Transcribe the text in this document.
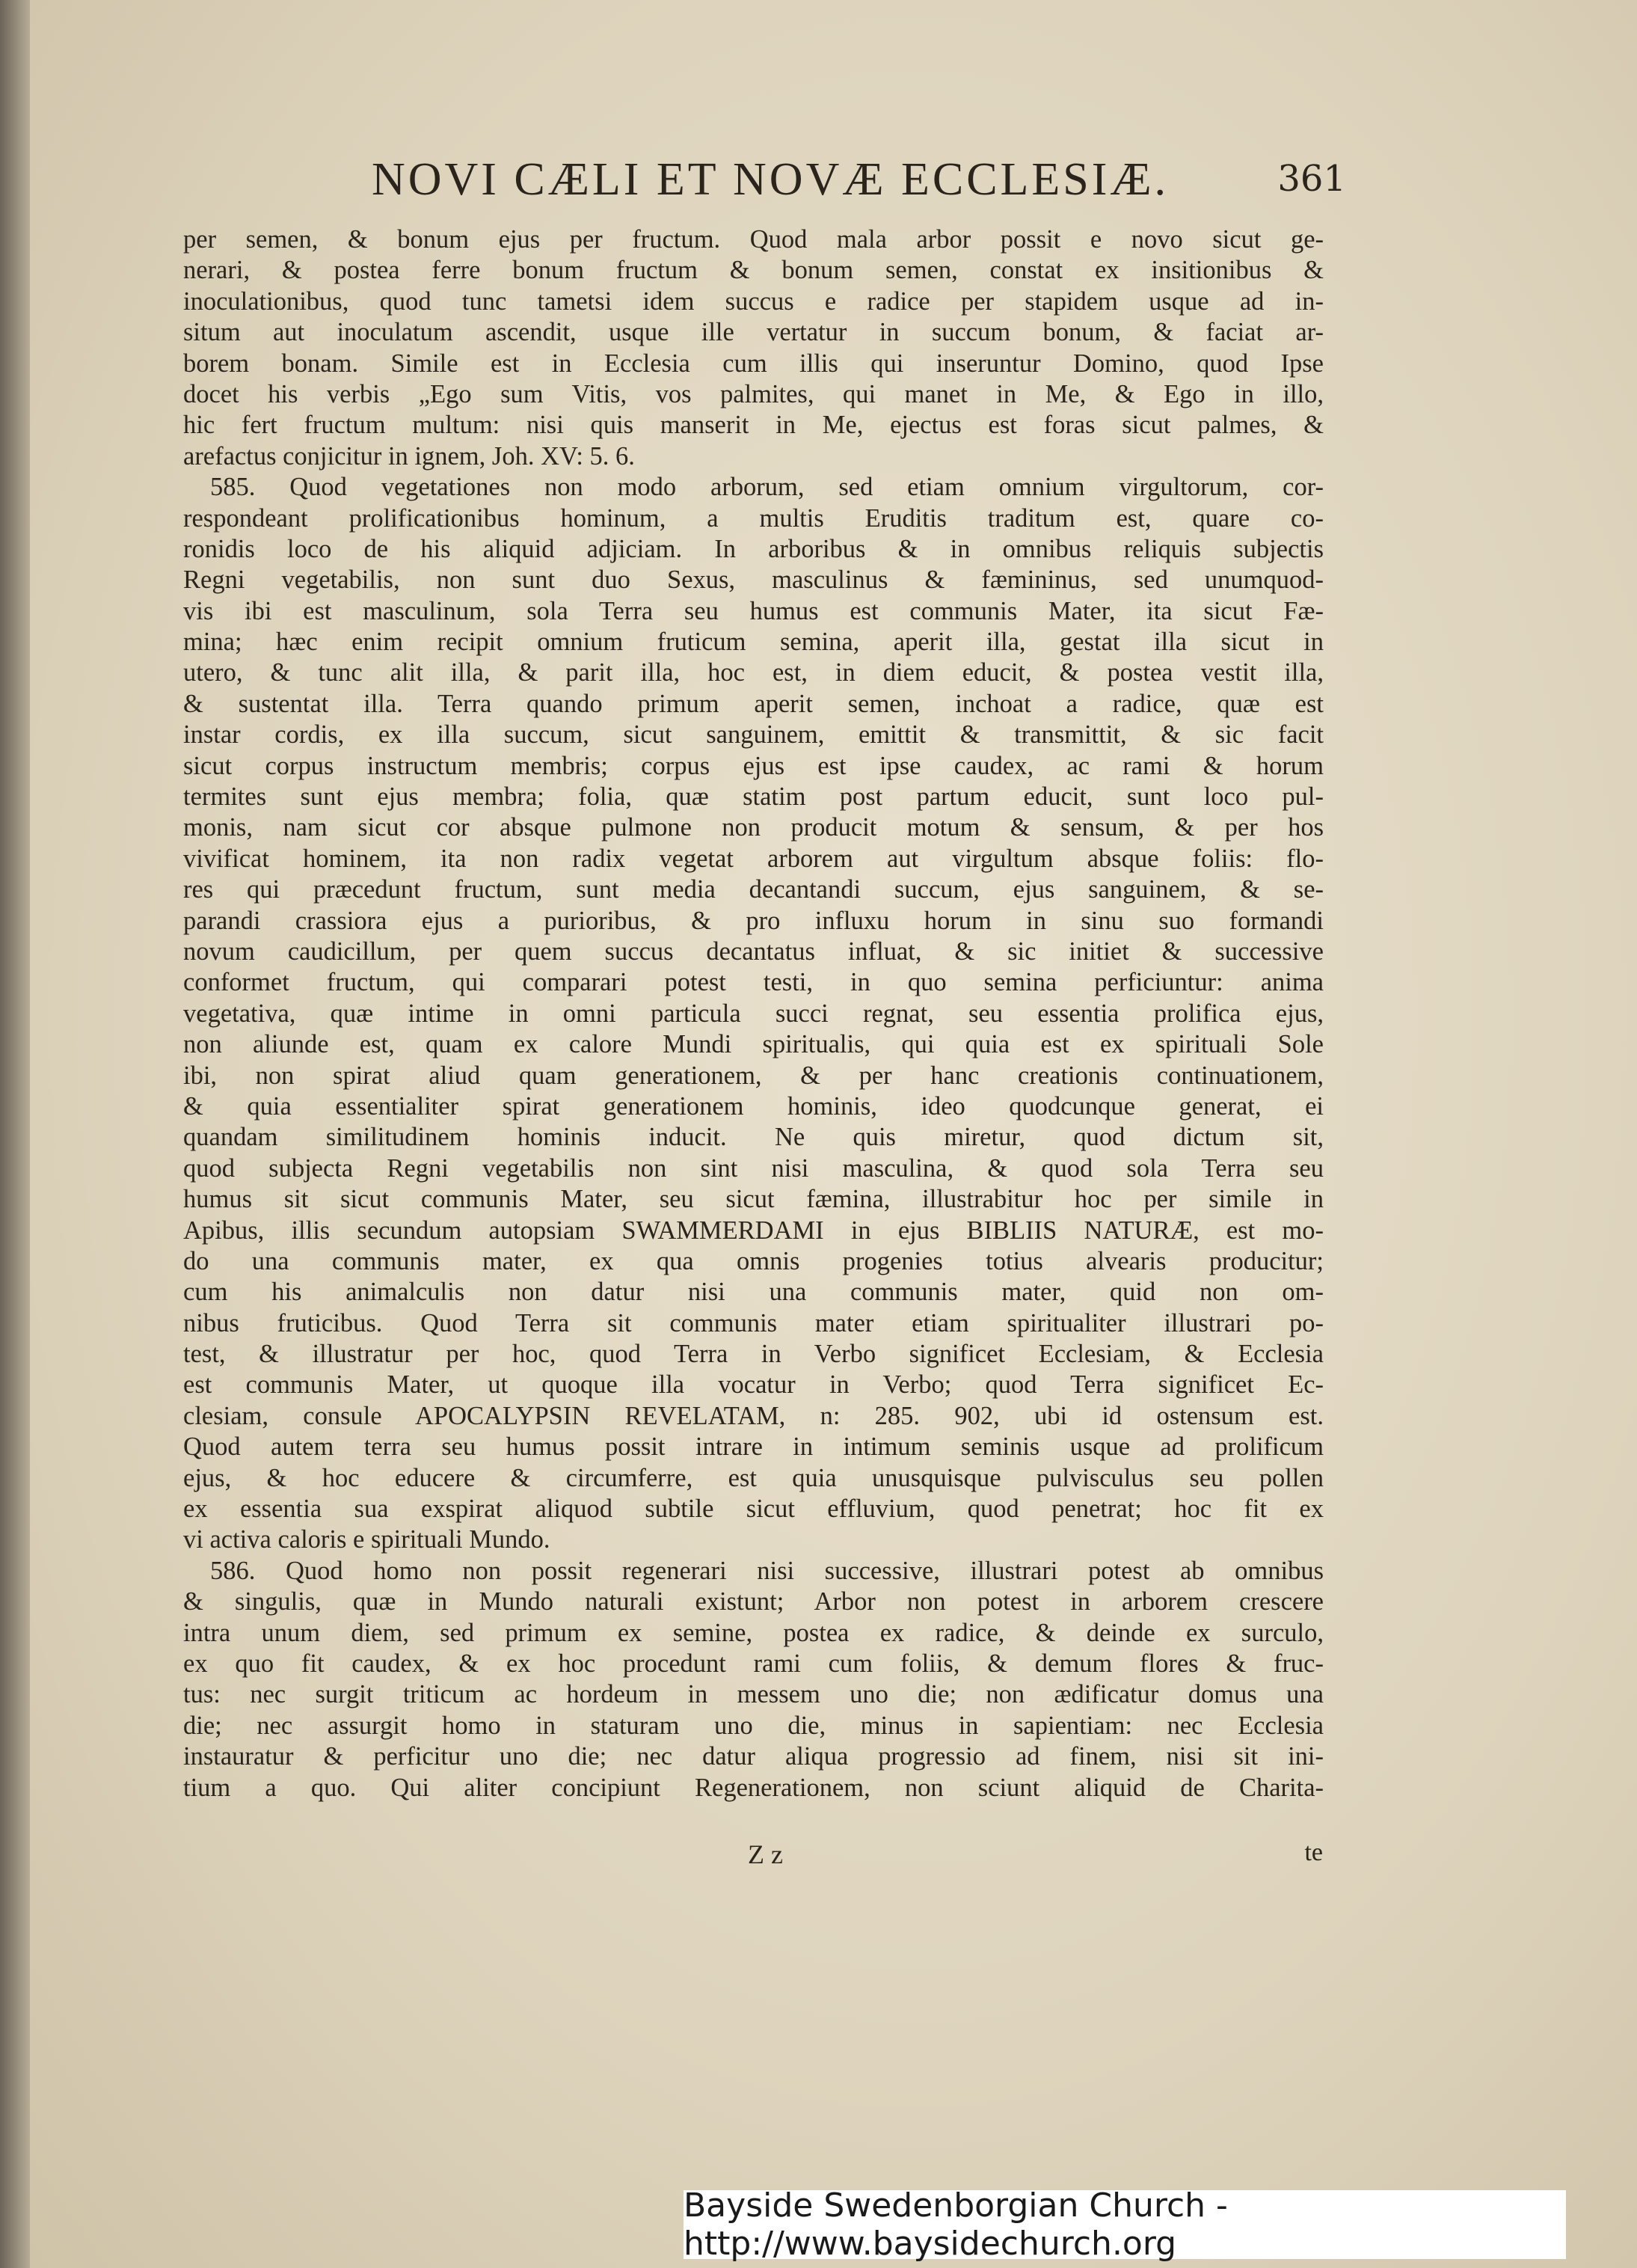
NOVI CÆLI ET NOVÆ ECCLESIÆ.	361
per semen, & bonum ejus per fructum. Quod mala arbor possit e novo sicut ge-
nerari, & postea ferre bonum fructum & bonum semen, constat ex insitionibus &
inoculationibus, quod tunc tametsi idem succus e radice per stapidem usque ad in-
situm aut inoculatum ascendit, usque ille vertatur in succum bonum, & faciat ar-
borem bonam. Simile est in Ecclesia cum illis qui inseruntur Domino, quod Ipse
docet his verbis „Ego sum Vitis, vos palmites, qui manet in Me, & Ego in illo,
hic fert fructum multum: nisi quis manserit in Me, ejectus est foras sicut palmes, &
arefactus conjicitur in ignem, Joh. XV: 5. 6.
585. Quod vegetationes non modo arborum, sed etiam omnium virgultorum, cor-
respondeant prolificationibus hominum, a multis Eruditis traditum est, quare co-
ronidis loco de his aliquid adjiciam. In arboribus & in omnibus reliquis subjectis
Regni vegetabilis, non sunt duo Sexus, masculinus & fæmininus, sed unumquod-
vis ibi est masculinum, sola Terra seu humus est communis Mater, ita sicut Fæ-
mina; hæc enim recipit omnium fruticum semina, aperit illa, gestat illa sicut in
utero, & tunc alit illa, & parit illa, hoc est, in diem educit, & postea vestit illa,
& sustentat illa. Terra quando primum aperit semen, inchoat a radice, quæ est
instar cordis, ex illa succum, sicut sanguinem, emittit & transmittit, & sic facit
sicut corpus instructum membris; corpus ejus est ipse caudex, ac rami & horum
termites sunt ejus membra; folia, quæ statim post partum educit, sunt loco pul-
monis, nam sicut cor absque pulmone non producit motum & sensum, & per hos
vivificat hominem, ita non radix vegetat arborem aut virgultum absque foliis: flo-
res qui præcedunt fructum, sunt media decantandi succum, ejus sanguinem, & se-
parandi crassiora ejus a purioribus, & pro influxu horum in sinu suo formandi
novum caudicillum, per quem succus decantatus influat, & sic initiet & successive
conformet fructum, qui comparari potest testi, in quo semina perficiuntur: anima
vegetativa, quæ intime in omni particula succi regnat, seu essentia prolifica ejus,
non aliunde est, quam ex calore Mundi spiritualis, qui quia est ex spirituali Sole
ibi, non spirat aliud quam generationem, & per hanc creationis continuationem,
& quia essentialiter spirat generationem hominis, ideo quodcunque generat, ei
quandam similitudinem hominis inducit. Ne quis miretur, quod dictum sit,
quod subjecta Regni vegetabilis non sint nisi masculina, & quod sola Terra seu
humus sit sicut communis Mater, seu sicut fæmina, illustrabitur hoc per simile in
Apibus, illis secundum autopsiam SWAMMERDAMI in ejus BIBLIIS NATURÆ, est mo-
do una communis mater, ex qua omnis progenies totius alvearis producitur;
cum his animalculis non datur nisi una communis mater, quid non om-
nibus fruticibus. Quod Terra sit communis mater etiam spiritualiter illustrari po-
test, & illustratur per hoc, quod Terra in Verbo significet Ecclesiam, & Ecclesia
est communis Mater, ut quoque illa vocatur in Verbo; quod Terra significet Ec-
clesiam, consule APOCALYPSIN REVELATAM, n: 285. 902, ubi id ostensum est.
Quod autem terra seu humus possit intrare in intimum seminis usque ad prolificum
ejus, & hoc educere & circumferre, est quia unusquisque pulvisculus seu pollen
ex essentia sua exspirat aliquod subtile sicut effluvium, quod penetrat; hoc fit ex
vi activa caloris e spirituali Mundo.
586. Quod homo non possit regenerari nisi successive, illustrari potest ab omnibus
& singulis, quæ in Mundo naturali existunt; Arbor non potest in arborem crescere
intra unum diem, sed primum ex semine, postea ex radice, & deinde ex surculo,
ex quo fit caudex, & ex hoc procedunt rami cum foliis, & demum flores & fruc-
tus: nec surgit triticum ac hordeum in messem uno die; non ædificatur domus una
die; nec assurgit homo in staturam uno die, minus in sapientiam: nec Ecclesia
instauratur & perficitur uno die; nec datur aliqua progressio ad finem, nisi sit ini-
tium a quo. Qui aliter concipiunt Regenerationem, non sciunt aliquid de Charita-
Z z	te
Bayside Swedenborgian Church - http://www.baysidechurch.org
